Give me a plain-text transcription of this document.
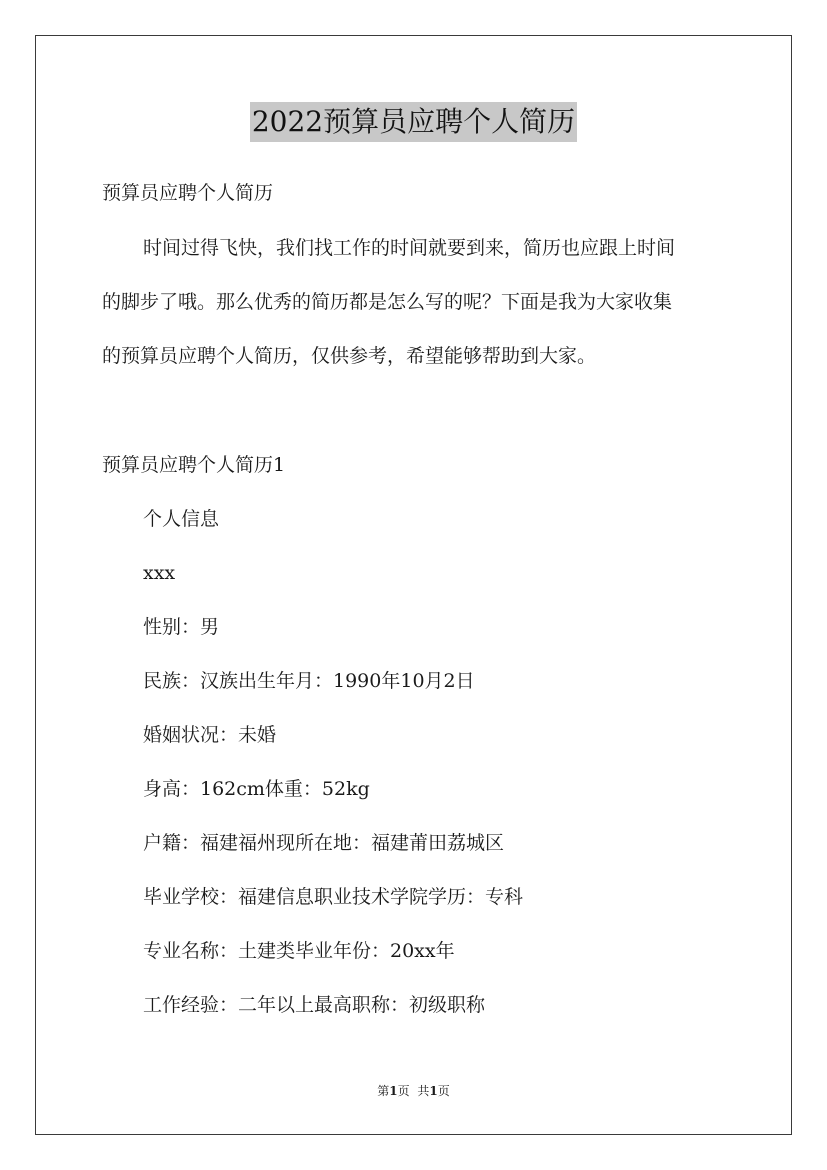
2022预算员应聘个人简历
预算员应聘个人简历
时间过得飞快，我们找工作的时间就要到来，简历也应跟上时间
的脚步了哦。那么优秀的简历都是怎么写的呢？下面是我为大家收集
的预算员应聘个人简历，仅供参考，希望能够帮助到大家。
预算员应聘个人简历1
个人信息
xxx
性别：男
民族：汉族出生年月：1990年10月2日
婚姻状况：未婚
身高：162cm体重：52kg
户籍：福建福州现所在地：福建莆田荔城区
毕业学校：福建信息职业技术学院学历：专科
专业名称：土建类毕业年份：20xx年
工作经验：二年以上最高职称：初级职称
第1页 共1页
